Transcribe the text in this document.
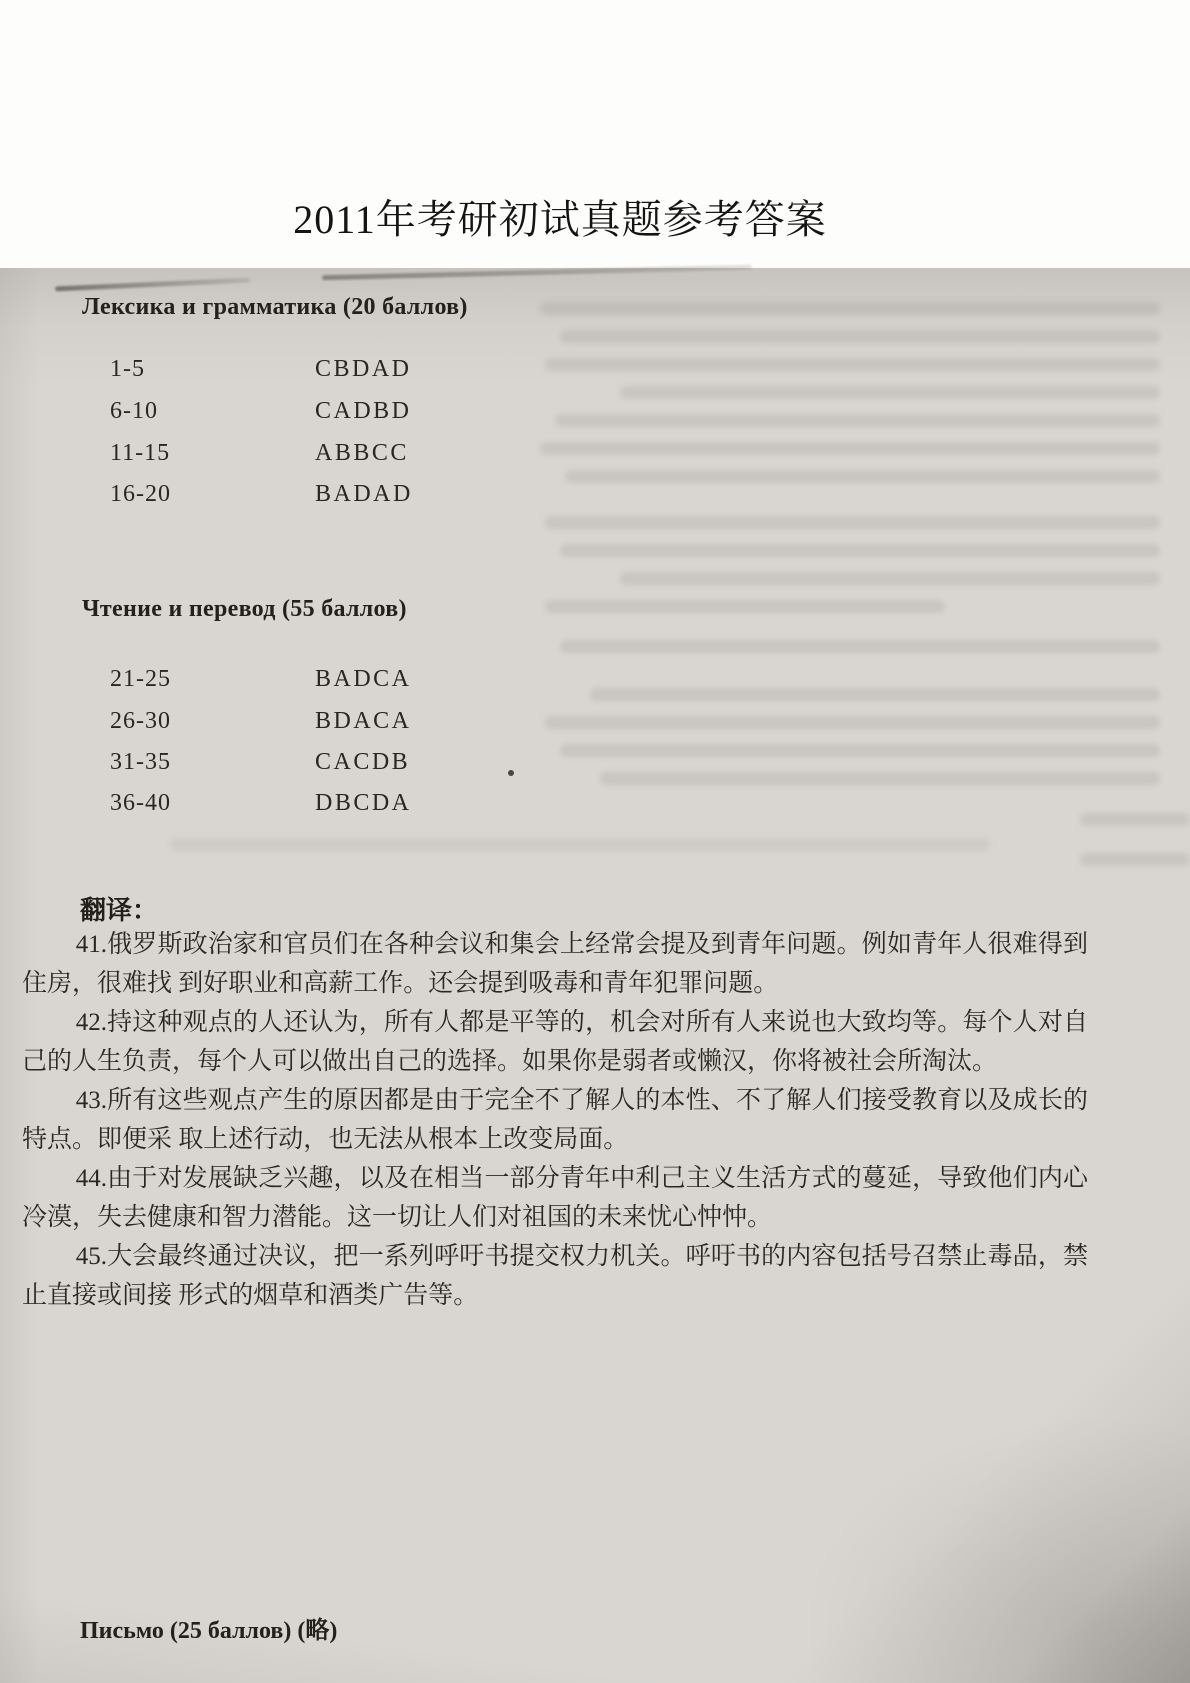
2011年考研初试真题参考答案
Лексика и грамматика (20 баллов)
1-5	CBDAD
6-10	CADBD
11-15	ABBCC
16-20	BADAD
Чтение и перевод (55 баллов)
21-25	BADCA
26-30	BDACA
31-35	CACDB
36-40	DBCDA
翻译：

41.俄罗斯政治家和官员们在各种会议和集会上经常会提及到青年问题。例如青年人很难得到住房，很难找 到好职业和高薪工作。还会提到吸毒和青年犯罪问题。

42.持这种观点的人还认为，所有人都是平等的，机会对所有人来说也大致均等。每个人对自己的人生负责，每个人可以做出自己的选择。如果你是弱者或懒汉，你将被社会所淘汰。

43.所有这些观点产生的原因都是由于完全不了解人的本性、不了解人们接受教育以及成长的特点。即便采 取上述行动，也无法从根本上改变局面。

44.由于对发展缺乏兴趣，以及在相当一部分青年中利己主义生活方式的蔓延，导致他们内心冷漠，失去健康和智力潜能。这一切让人们对祖国的未来忧心忡忡。

45.大会最终通过决议，把一系列呼吁书提交权力机关。呼吁书的内容包括号召禁止毒品，禁止直接或间接 形式的烟草和酒类广告等。

Письмо (25 баллов) (略)
